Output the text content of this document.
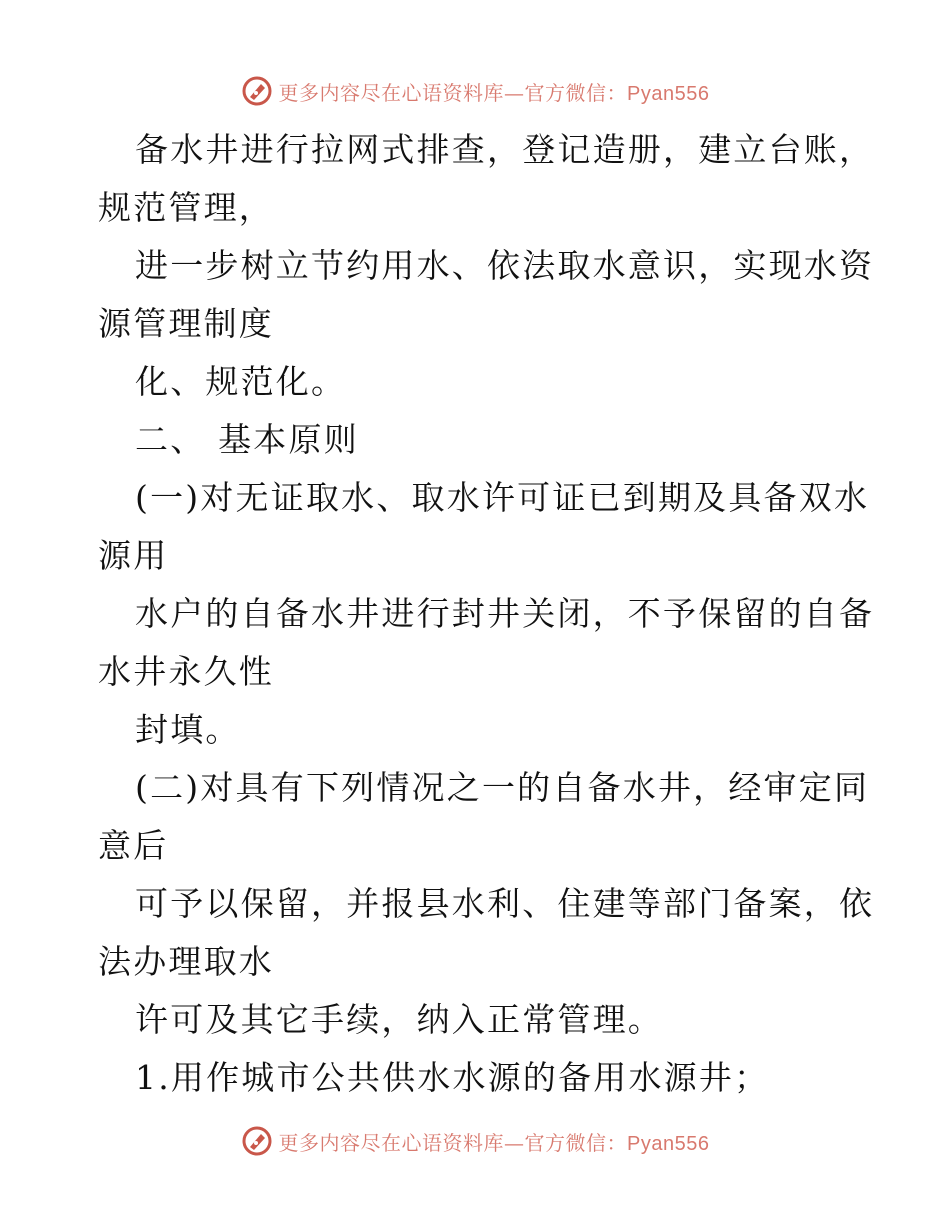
更多内容尽在心语资料库—官方微信：Pyan556
备水井进行拉网式排查，登记造册，建立台账，
规范管理，
进一步树立节约用水、依法取水意识，实现水资
源管理制度
化、规范化。
二、 基本原则
(一)对无证取水、取水许可证已到期及具备双水
源用
水户的自备水井进行封井关闭，不予保留的自备
水井永久性
封填。
(二)对具有下列情况之一的自备水井，经审定同
意后
可予以保留，并报县水利、住建等部门备案，依
法办理取水
许可及其它手续，纳入正常管理。
1.用作城市公共供水水源的备用水源井；
更多内容尽在心语资料库—官方微信：Pyan556
